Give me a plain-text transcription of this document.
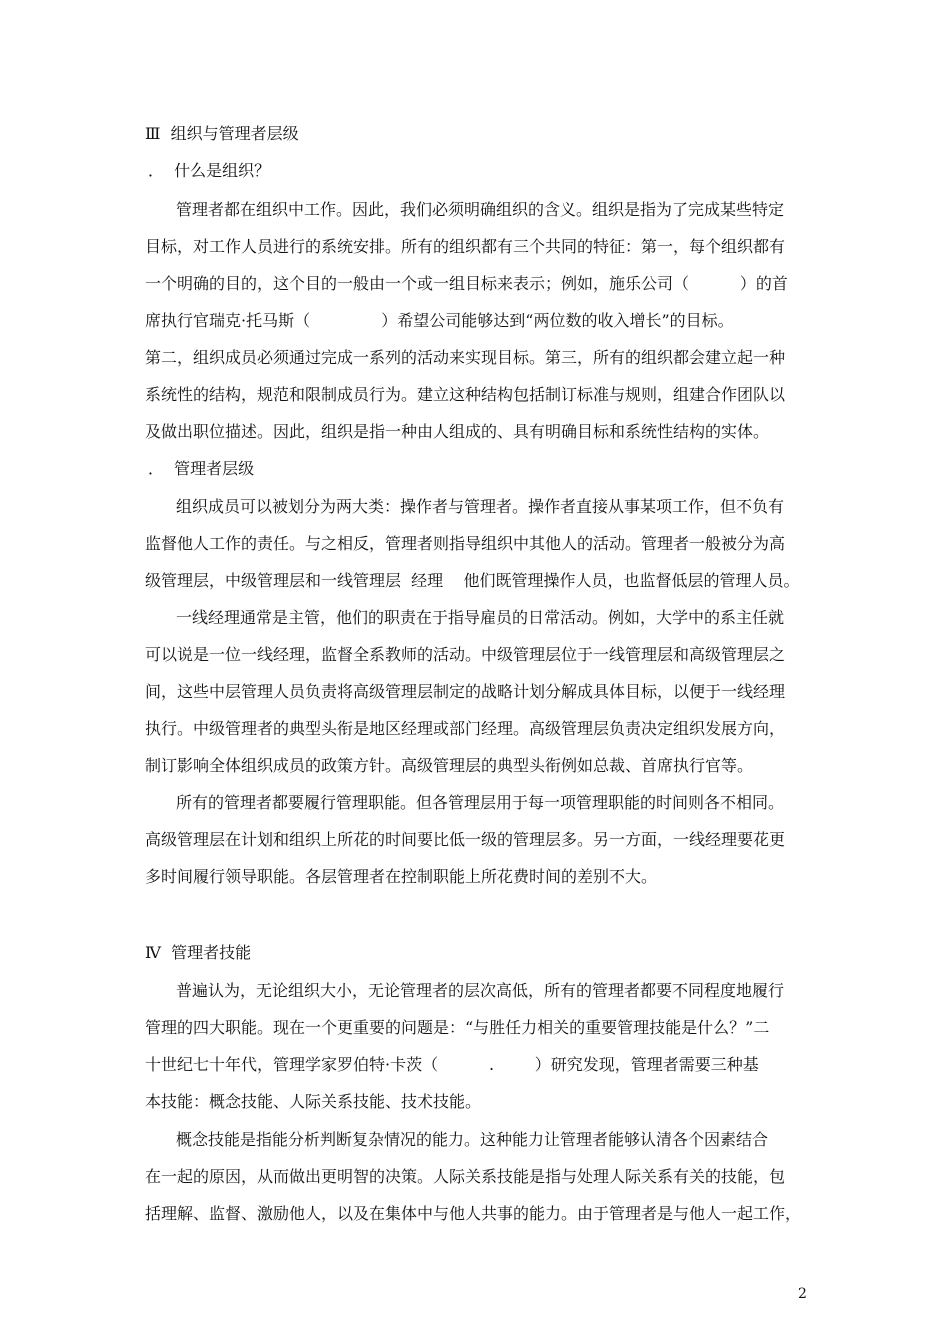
Ⅲ  组织与管理者层级
．  什么是组织？
管理者都在组织中工作。因此，我们必须明确组织的含义。组织是指为了完成某些特定
目标，对工作人员进行的系统安排。所有的组织都有三个共同的特征：第一，每个组织都有
一个明确的目的，这个目的一般由一个或一组目标来表示；例如，施乐公司（          ）的首
席执行官瑞克·托马斯（              ）希望公司能够达到“两位数的收入增长”的目标。
第二，组织成员必须通过完成一系列的活动来实现目标。第三，所有的组织都会建立起一种
系统性的结构，规范和限制成员行为。建立这种结构包括制订标准与规则，组建合作团队以
及做出职位描述。因此，组织是指一种由人组成的、具有明确目标和系统性结构的实体。
．  管理者层级
组织成员可以被划分为两大类：操作者与管理者。操作者直接从事某项工作，但不负有
监督他人工作的责任。与之相反，管理者则指导组织中其他人的活动。管理者一般被分为高
级管理层，中级管理层和一线管理层  经理    他们既管理操作人员，也监督低层的管理人员。
一线经理通常是主管，他们的职责在于指导雇员的日常活动。例如，大学中的系主任就
可以说是一位一线经理，监督全系教师的活动。中级管理层位于一线管理层和高级管理层之
间，这些中层管理人员负责将高级管理层制定的战略计划分解成具体目标，以便于一线经理
执行。中级管理者的典型头衔是地区经理或部门经理。高级管理层负责决定组织发展方向，
制订影响全体组织成员的政策方针。高级管理层的典型头衔例如总裁、首席执行官等。
所有的管理者都要履行管理职能。但各管理层用于每一项管理职能的时间则各不相同。
高级管理层在计划和组织上所花的时间要比低一级的管理层多。另一方面，一线经理要花更
多时间履行领导职能。各层管理者在控制职能上所花费时间的差别不大。
Ⅳ  管理者技能
普遍认为，无论组织大小，无论管理者的层次高低，所有的管理者都要不同程度地履行
管理的四大职能。现在一个更重要的问题是：“与胜任力相关的重要管理技能是什么？”二
十世纪七十年代，管理学家罗伯特·卡茨（          .        ）研究发现，管理者需要三种基
本技能：概念技能、人际关系技能、技术技能。
概念技能是指能分析判断复杂情况的能力。这种能力让管理者能够认清各个因素结合
在一起的原因，从而做出更明智的决策。人际关系技能是指与处理人际关系有关的技能，包
括理解、监督、激励他人，以及在集体中与他人共事的能力。由于管理者是与他人一起工作，
2
